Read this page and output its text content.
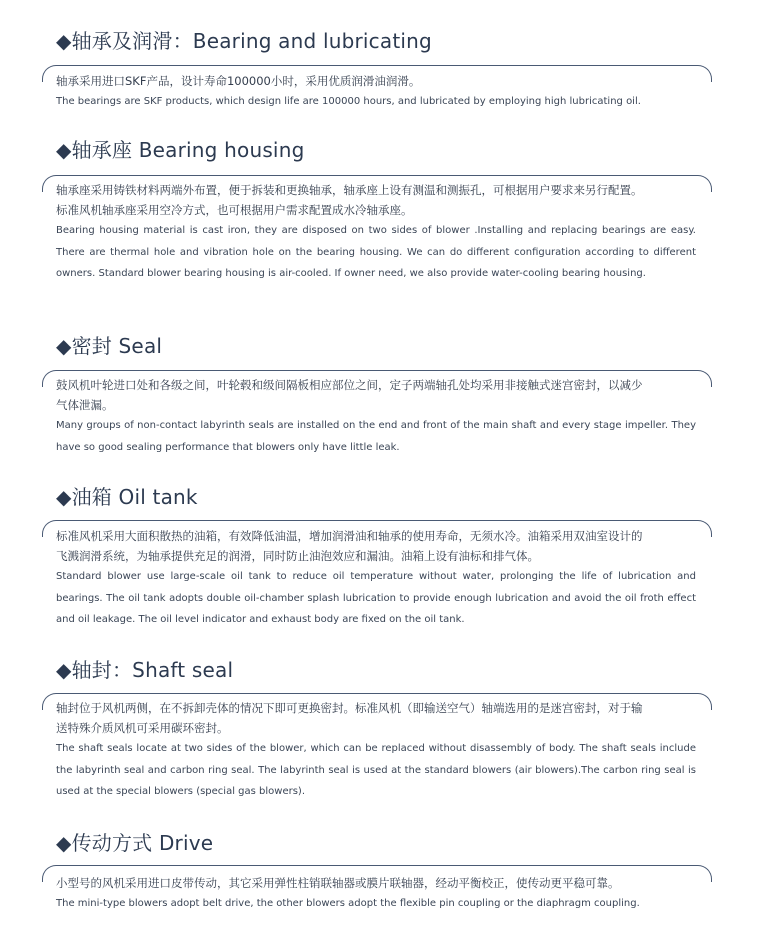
◆轴承及润滑：Bearing and lubricating
轴承采用进口SKF产品，设计寿命100000小时，采用优质润滑油润滑。
The bearings are SKF products, which design life are 100000 hours, and lubricated by employing high lubricating oil.
◆轴承座 Bearing housing
轴承座采用铸铁材料两端外布置，便于拆装和更换轴承，轴承座上设有测温和测振孔，可根据用户要求来另行配置。
标准风机轴承座采用空冷方式，也可根据用户需求配置成水冷轴承座。
Bearing housing material is cast iron, they are disposed on two sides of blower .Installing and replacing bearings are easy. There are thermal hole and vibration hole on the bearing housing. We can do different configuration according to different owners. Standard blower bearing housing is air-cooled. If owner need, we also provide water-cooling bearing housing.
◆密封 Seal
鼓风机叶轮进口处和各级之间，叶轮毂和级间隔板相应部位之间，定子两端轴孔处均采用非接触式迷宫密封，以减少
气体泄漏。
Many groups of non-contact labyrinth seals are installed on the end and front of the main shaft and every stage impeller. They have so good sealing performance that blowers only have little leak.
◆油箱 Oil tank
标准风机采用大面积散热的油箱，有效降低油温，增加润滑油和轴承的使用寿命，无须水冷。油箱采用双油室设计的
飞溅润滑系统，为轴承提供充足的润滑，同时防止油泡效应和漏油。油箱上设有油标和排气体。
Standard blower use large-scale oil tank to reduce oil temperature without water, prolonging the life of lubrication and bearings. The oil tank adopts double oil-chamber splash lubrication to provide enough lubrication and avoid the oil froth effect and oil leakage. The oil level indicator and exhaust body are fixed on the oil tank.
◆轴封：Shaft seal
轴封位于风机两侧，在不拆卸壳体的情况下即可更换密封。标准风机（即输送空气）轴端选用的是迷宫密封，对于输
送特殊介质风机可采用碳环密封。
The shaft seals locate at two sides of the blower, which can be replaced without disassembly of body. The shaft seals include the labyrinth seal and carbon ring seal. The labyrinth seal is used at the standard blowers (air blowers).The carbon ring seal is used at the special blowers (special gas blowers).
◆传动方式 Drive
小型号的风机采用进口皮带传动，其它采用弹性柱销联轴器或膜片联轴器，经动平衡校正，使传动更平稳可靠。
The mini-type blowers adopt belt drive, the other blowers adopt the flexible pin coupling or the diaphragm coupling.
